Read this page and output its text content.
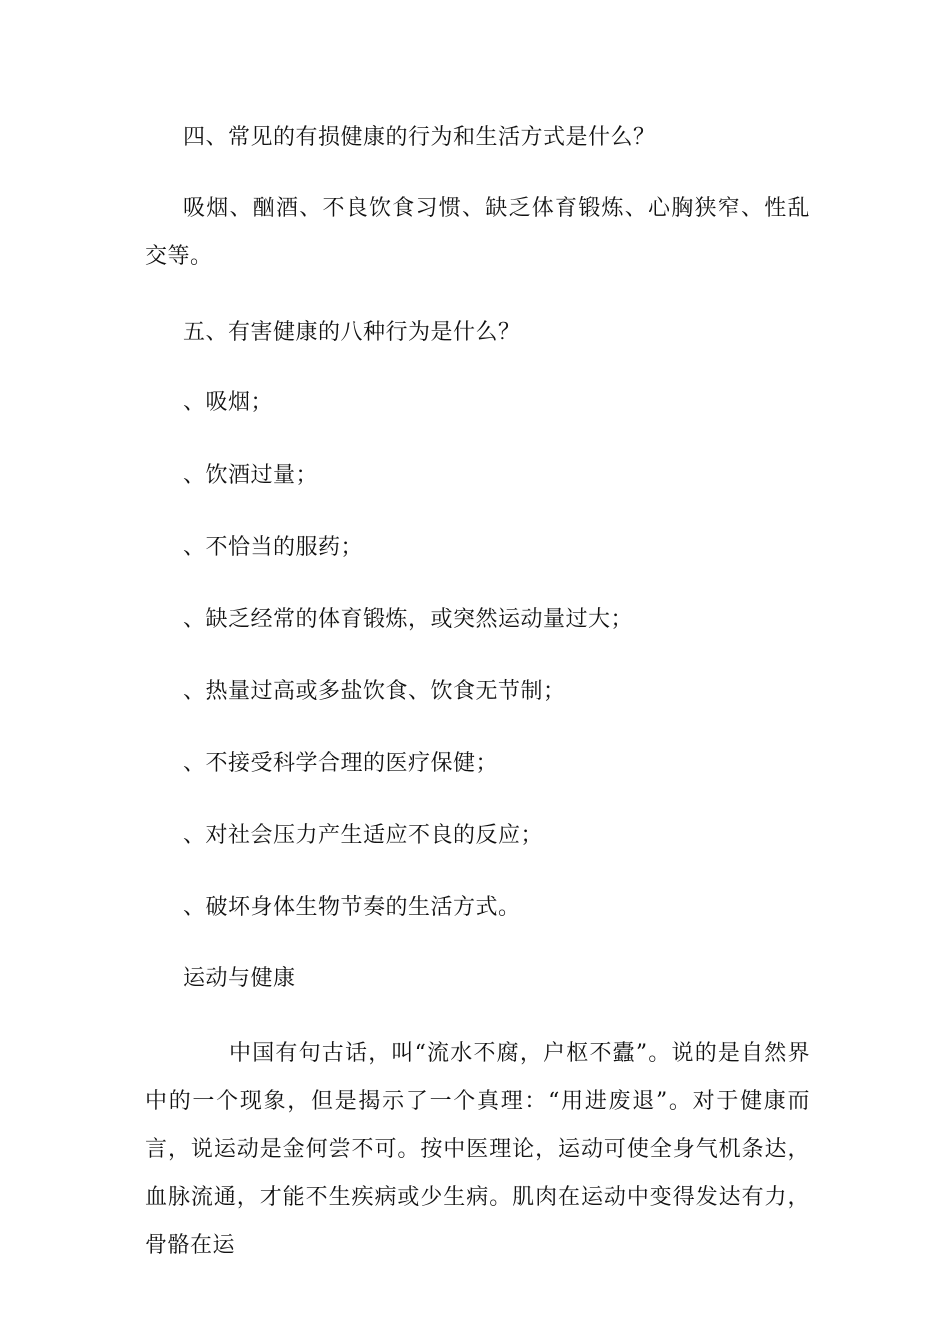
四、常见的有损健康的行为和生活方式是什么？
吸烟、酗酒、不良饮食习惯、缺乏体育锻炼、心胸狭窄、性乱交等。
五、有害健康的八种行为是什么？
、吸烟；
、饮酒过量；
、不恰当的服药；
、缺乏经常的体育锻炼，或突然运动量过大；
、热量过高或多盐饮食、饮食无节制；
、不接受科学合理的医疗保健；
、对社会压力产生适应不良的反应；
、破坏身体生物节奏的生活方式。
运动与健康
中国有句古话，叫“流水不腐，户枢不蠹”。说的是自然界中的一个现象，但是揭示了一个真理：“用进废退”。对于健康而言，说运动是金何尝不可。按中医理论，运动可使全身气机条达，血脉流通，才能不生疾病或少生病。肌肉在运动中变得发达有力，骨骼在运
